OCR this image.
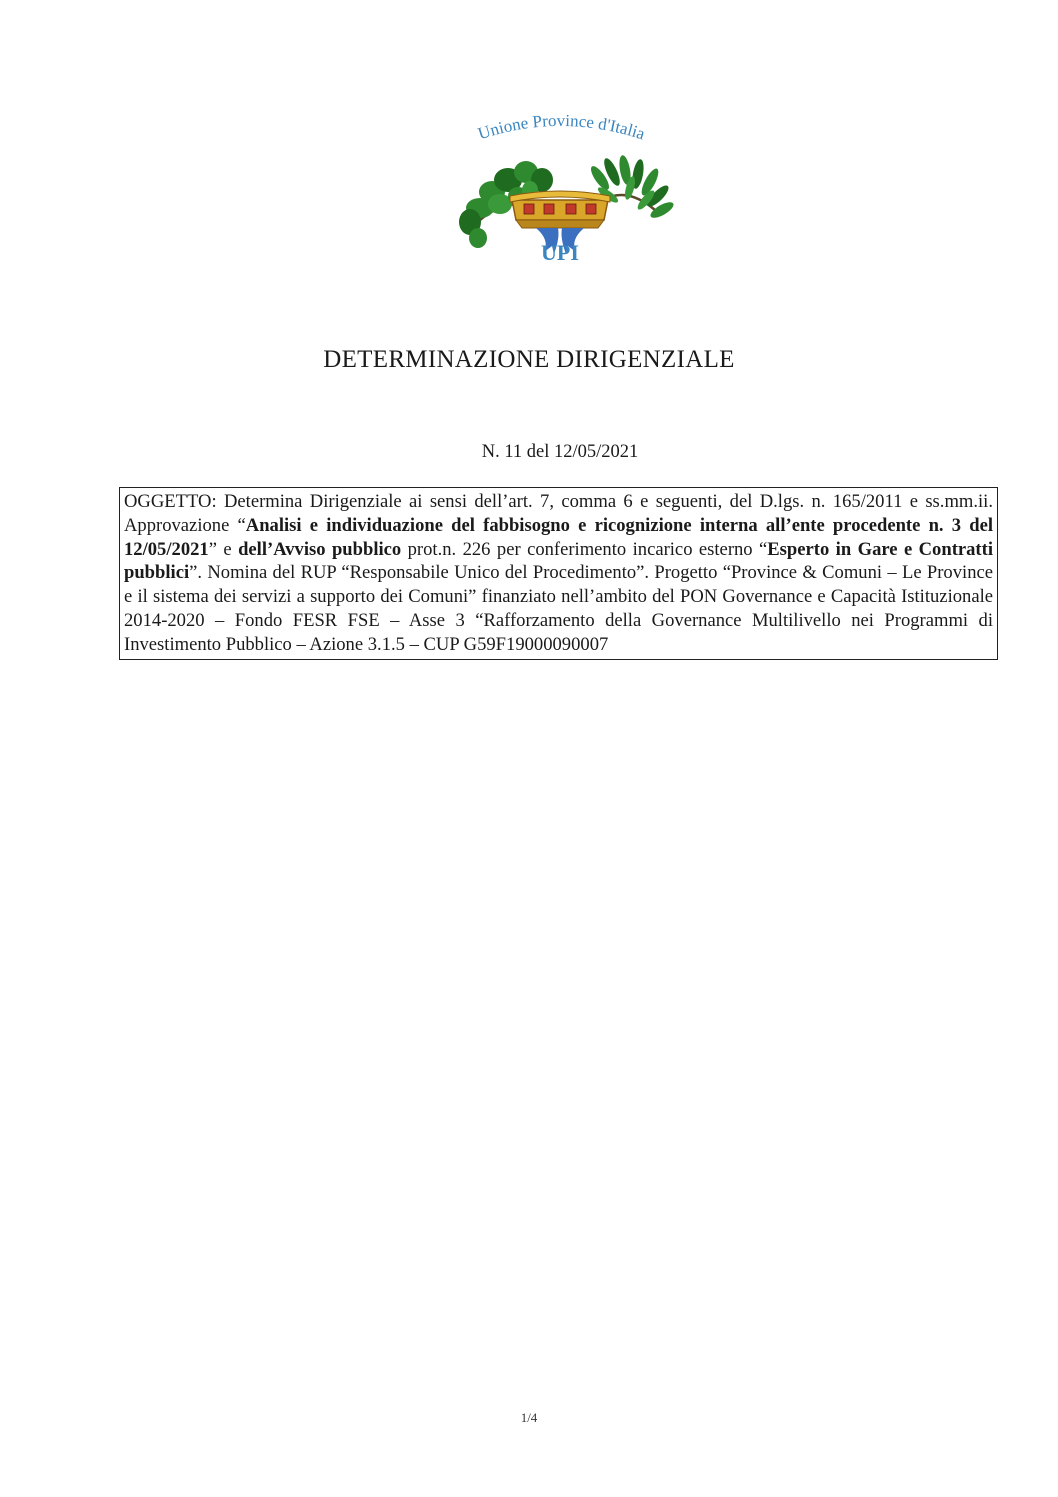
Unione Province d'Italia
UPI
DETERMINAZIONE DIRIGENZIALE
N. 11 del 12/05/2021
OGGETTO: Determina Dirigenziale ai sensi dell’art. 7, comma 6 e seguenti, del D.lgs. n. 165/2011 e ss.mm.ii. Approvazione “Analisi e individuazione del fabbisogno e ricognizione interna all’ente procedente n. 3 del 12/05/2021” e dell’Avviso pubblico prot.n. 226 per conferimento incarico esterno “Esperto in Gare e Contratti pubblici”. Nomina del RUP “Responsabile Unico del Procedimento”. Progetto “Province & Comuni – Le Province e il sistema dei servizi a supporto dei Comuni” finanziato nell’ambito del PON Governance e Capacità Istituzionale 2014-2020 – Fondo FESR FSE – Asse 3 “Rafforzamento della Governance Multilivello nei Programmi di Investimento Pubblico – Azione 3.1.5 – CUP G59F19000090007
1/4
